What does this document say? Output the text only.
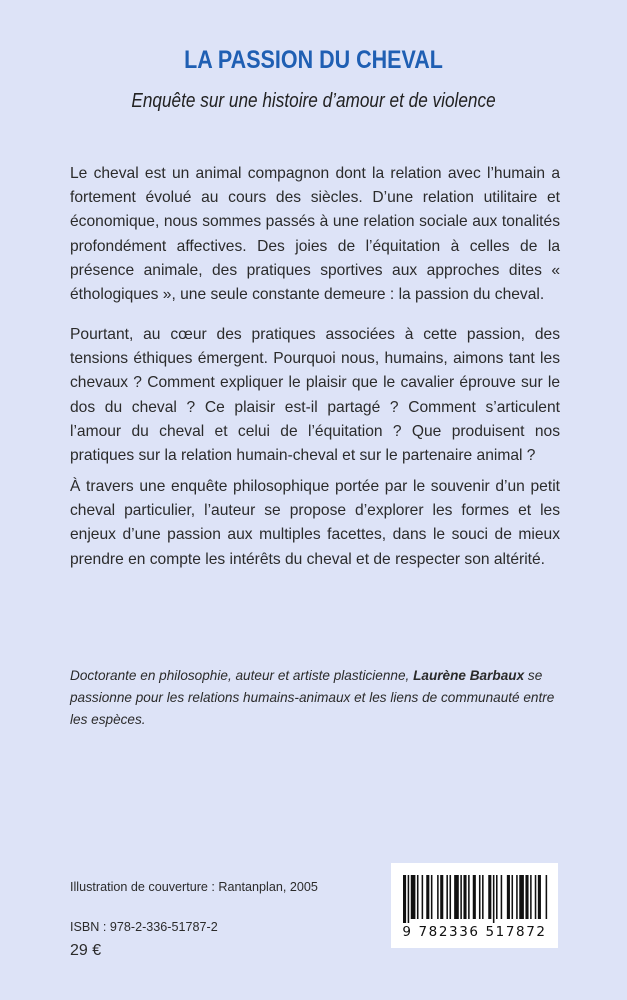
LA PASSION DU CHEVAL
Enquête sur une histoire d’amour et de violence

Le cheval est un animal compagnon dont la relation avec l’humain a fortement évolué au cours des siècles. D’une relation utilitaire et économique, nous sommes passés à une relation sociale aux tonalités profondément affectives. Des joies de l’équitation à celles de la présence animale, des pratiques sportives aux approches dites « éthologiques », une seule constante demeure : la passion du cheval.

Pourtant, au cœur des pratiques associées à cette passion, des tensions éthiques émergent. Pourquoi nous, humains, aimons tant les chevaux ? Comment expliquer le plaisir que le cavalier éprouve sur le dos du cheval ? Ce plaisir est-il partagé ? Comment s’articulent l’amour du cheval et celui de l’équitation ? Que produisent nos pratiques sur la relation humain-cheval et sur le partenaire animal ?

À travers une enquête philosophique portée par le souvenir d’un petit cheval particulier, l’auteur se propose d’explorer les formes et les enjeux d’une passion aux multiples facettes, dans le souci de mieux prendre en compte les intérêts du cheval et de respecter son altérité.

Doctorante en philosophie, auteur et artiste plasticienne, Laurène Barbaux se passionne pour les relations humains-animaux et les liens de communauté entre les espèces.
Illustration de couverture : Rantanplan, 2005
ISBN : 978-2-336-51787-2
29 €
9 782336 517872
